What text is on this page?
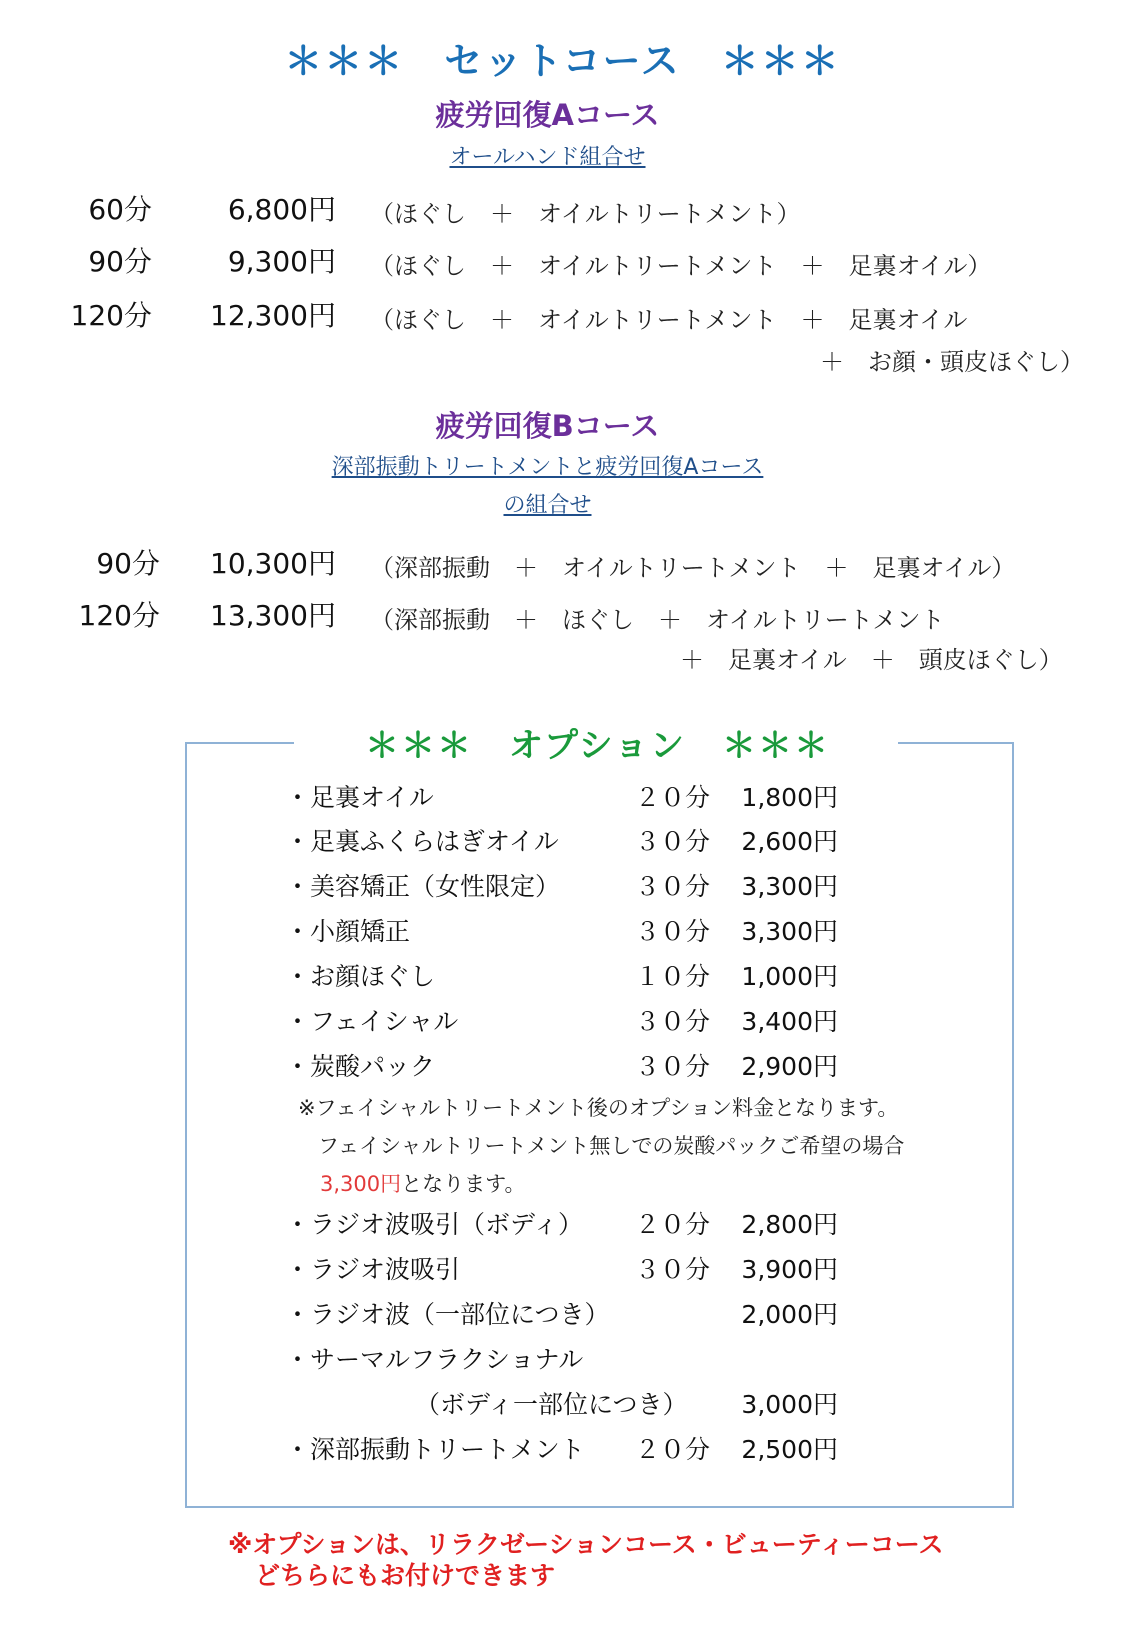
＊＊＊　セットコース　＊＊＊
疲労回復Aコース
オールハンド組合せ
60分	6,800円 （ほぐし　＋　オイルトリートメント）
90分	9,300円 （ほぐし　＋　オイルトリートメント　＋　足裏オイル）
120分	12,300円 （ほぐし　＋　オイルトリートメント　＋　足裏オイル
＋　お顔・頭皮ほぐし）
疲労回復Bコース
深部振動トリートメントと疲労回復Aコース
の組合せ
90分	10,300円 （深部振動　＋　オイルトリートメント　＋　足裏オイル）
120分	13,300円 （深部振動　＋　ほぐし　＋　オイルトリートメント
＋　足裏オイル　＋　頭皮ほぐし）
＊＊＊　オプション　＊＊＊
・足裏オイル	２０分	1,800円
・足裏ふくらはぎオイル	３０分	2,600円
・美容矯正（女性限定）	３０分	3,300円
・小顔矯正	３０分	3,300円
・お顔ほぐし	１０分	1,000円
・フェイシャル	３０分	3,400円
・炭酸パック	３０分	2,900円
※フェイシャルトリートメント後のオプション料金となります。
フェイシャルトリートメント無しでの炭酸パックご希望の場合
3,300円となります。
・ラジオ波吸引（ボディ）	２０分	2,800円
・ラジオ波吸引	３０分	3,900円
・ラジオ波（一部位につき）	2,000円
・サーマルフラクショナル
（ボディ一部位につき）	3,000円
・深部振動トリートメント	２０分	2,500円
※オプションは、リラクゼーションコース・ビューティーコース
どちらにもお付けできます
